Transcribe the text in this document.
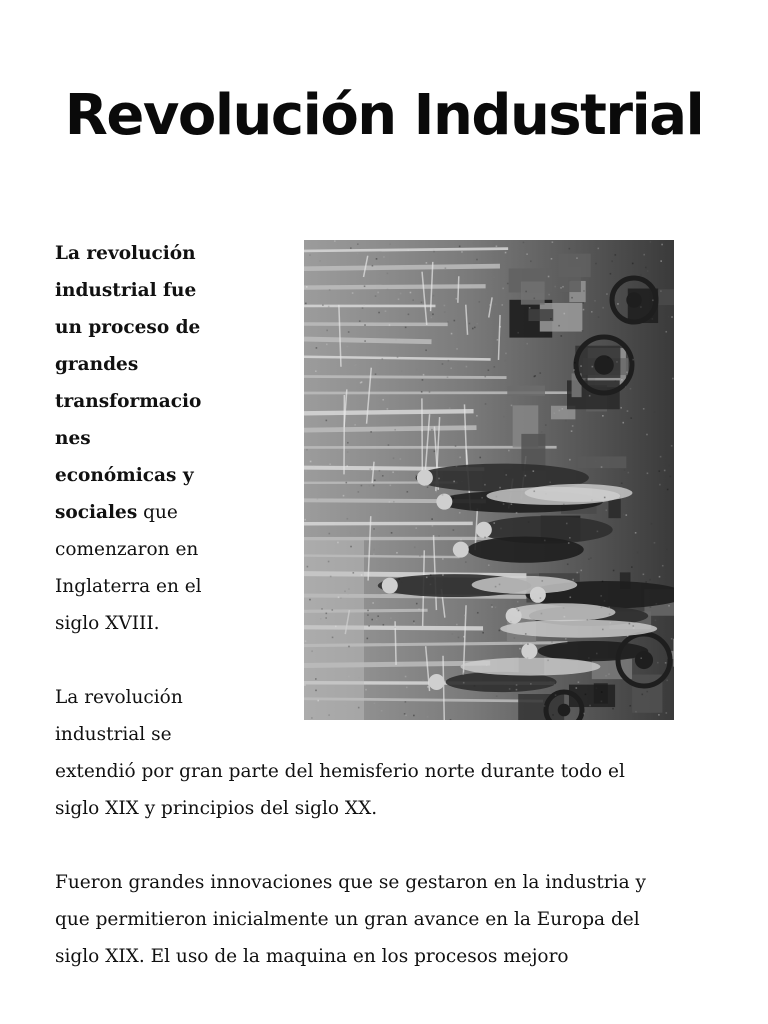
Revolución Industrial
La revolución
industrial fue
un proceso de
grandes
transformacio
nes
económicas y
sociales que
comenzaron en
Inglaterra en el
siglo XVIII.
La revolución
industrial se
extendió por gran parte del hemisferio norte durante todo el
siglo XIX y principios del siglo XX.
Fueron grandes innovaciones que se gestaron en la industria y
que permitieron inicialmente un gran avance en la Europa del
siglo XIX. El uso de la maquina en los procesos mejoro
